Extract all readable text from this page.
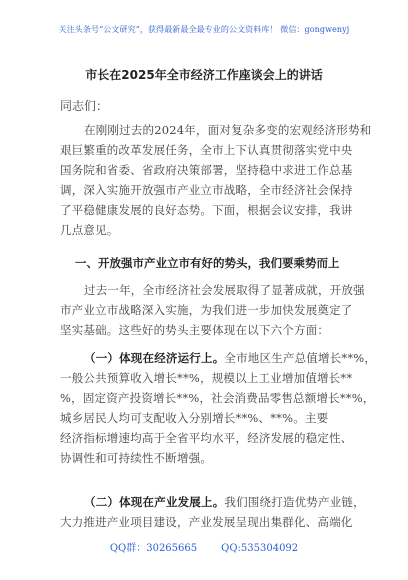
关注头条号“公文研究”，获得最新最全最专业的公文资料库！ 微信：gongwenyj
市长在2025年全市经济工作座谈会上的讲话
同志们：
在刚刚过去的2024年，面对复杂多变的宏观经济形势和
艰巨繁重的改革发展任务，全市上下认真贯彻落实党中央
国务院和省委、省政府决策部署，坚持稳中求进工作总基
调，深入实施开放强市产业立市战略，全市经济社会保持
了平稳健康发展的良好态势。下面，根据会议安排，我讲
几点意见。
一、开放强市产业立市有好的势头，我们要乘势而上
过去一年，全市经济社会发展取得了显著成就，开放强
市产业立市战略深入实施，为我们进一步加快发展奠定了
坚实基础。这些好的势头主要体现在以下六个方面：
（一）体现在经济运行上。全市地区生产总值增长**%，
一般公共预算收入增长**%，规模以上工业增加值增长**
%，固定资产投资增长**%，社会消费品零售总额增长**%，
城乡居民人均可支配收入分别增长**%、**%。主要
经济指标增速均高于全省平均水平，经济发展的稳定性、
协调性和可持续性不断增强。
（二）体现在产业发展上。我们围绕打造优势产业链，
大力推进产业项目建设，产业发展呈现出集群化、高端化
QQ群：30265665 QQ:535304092
